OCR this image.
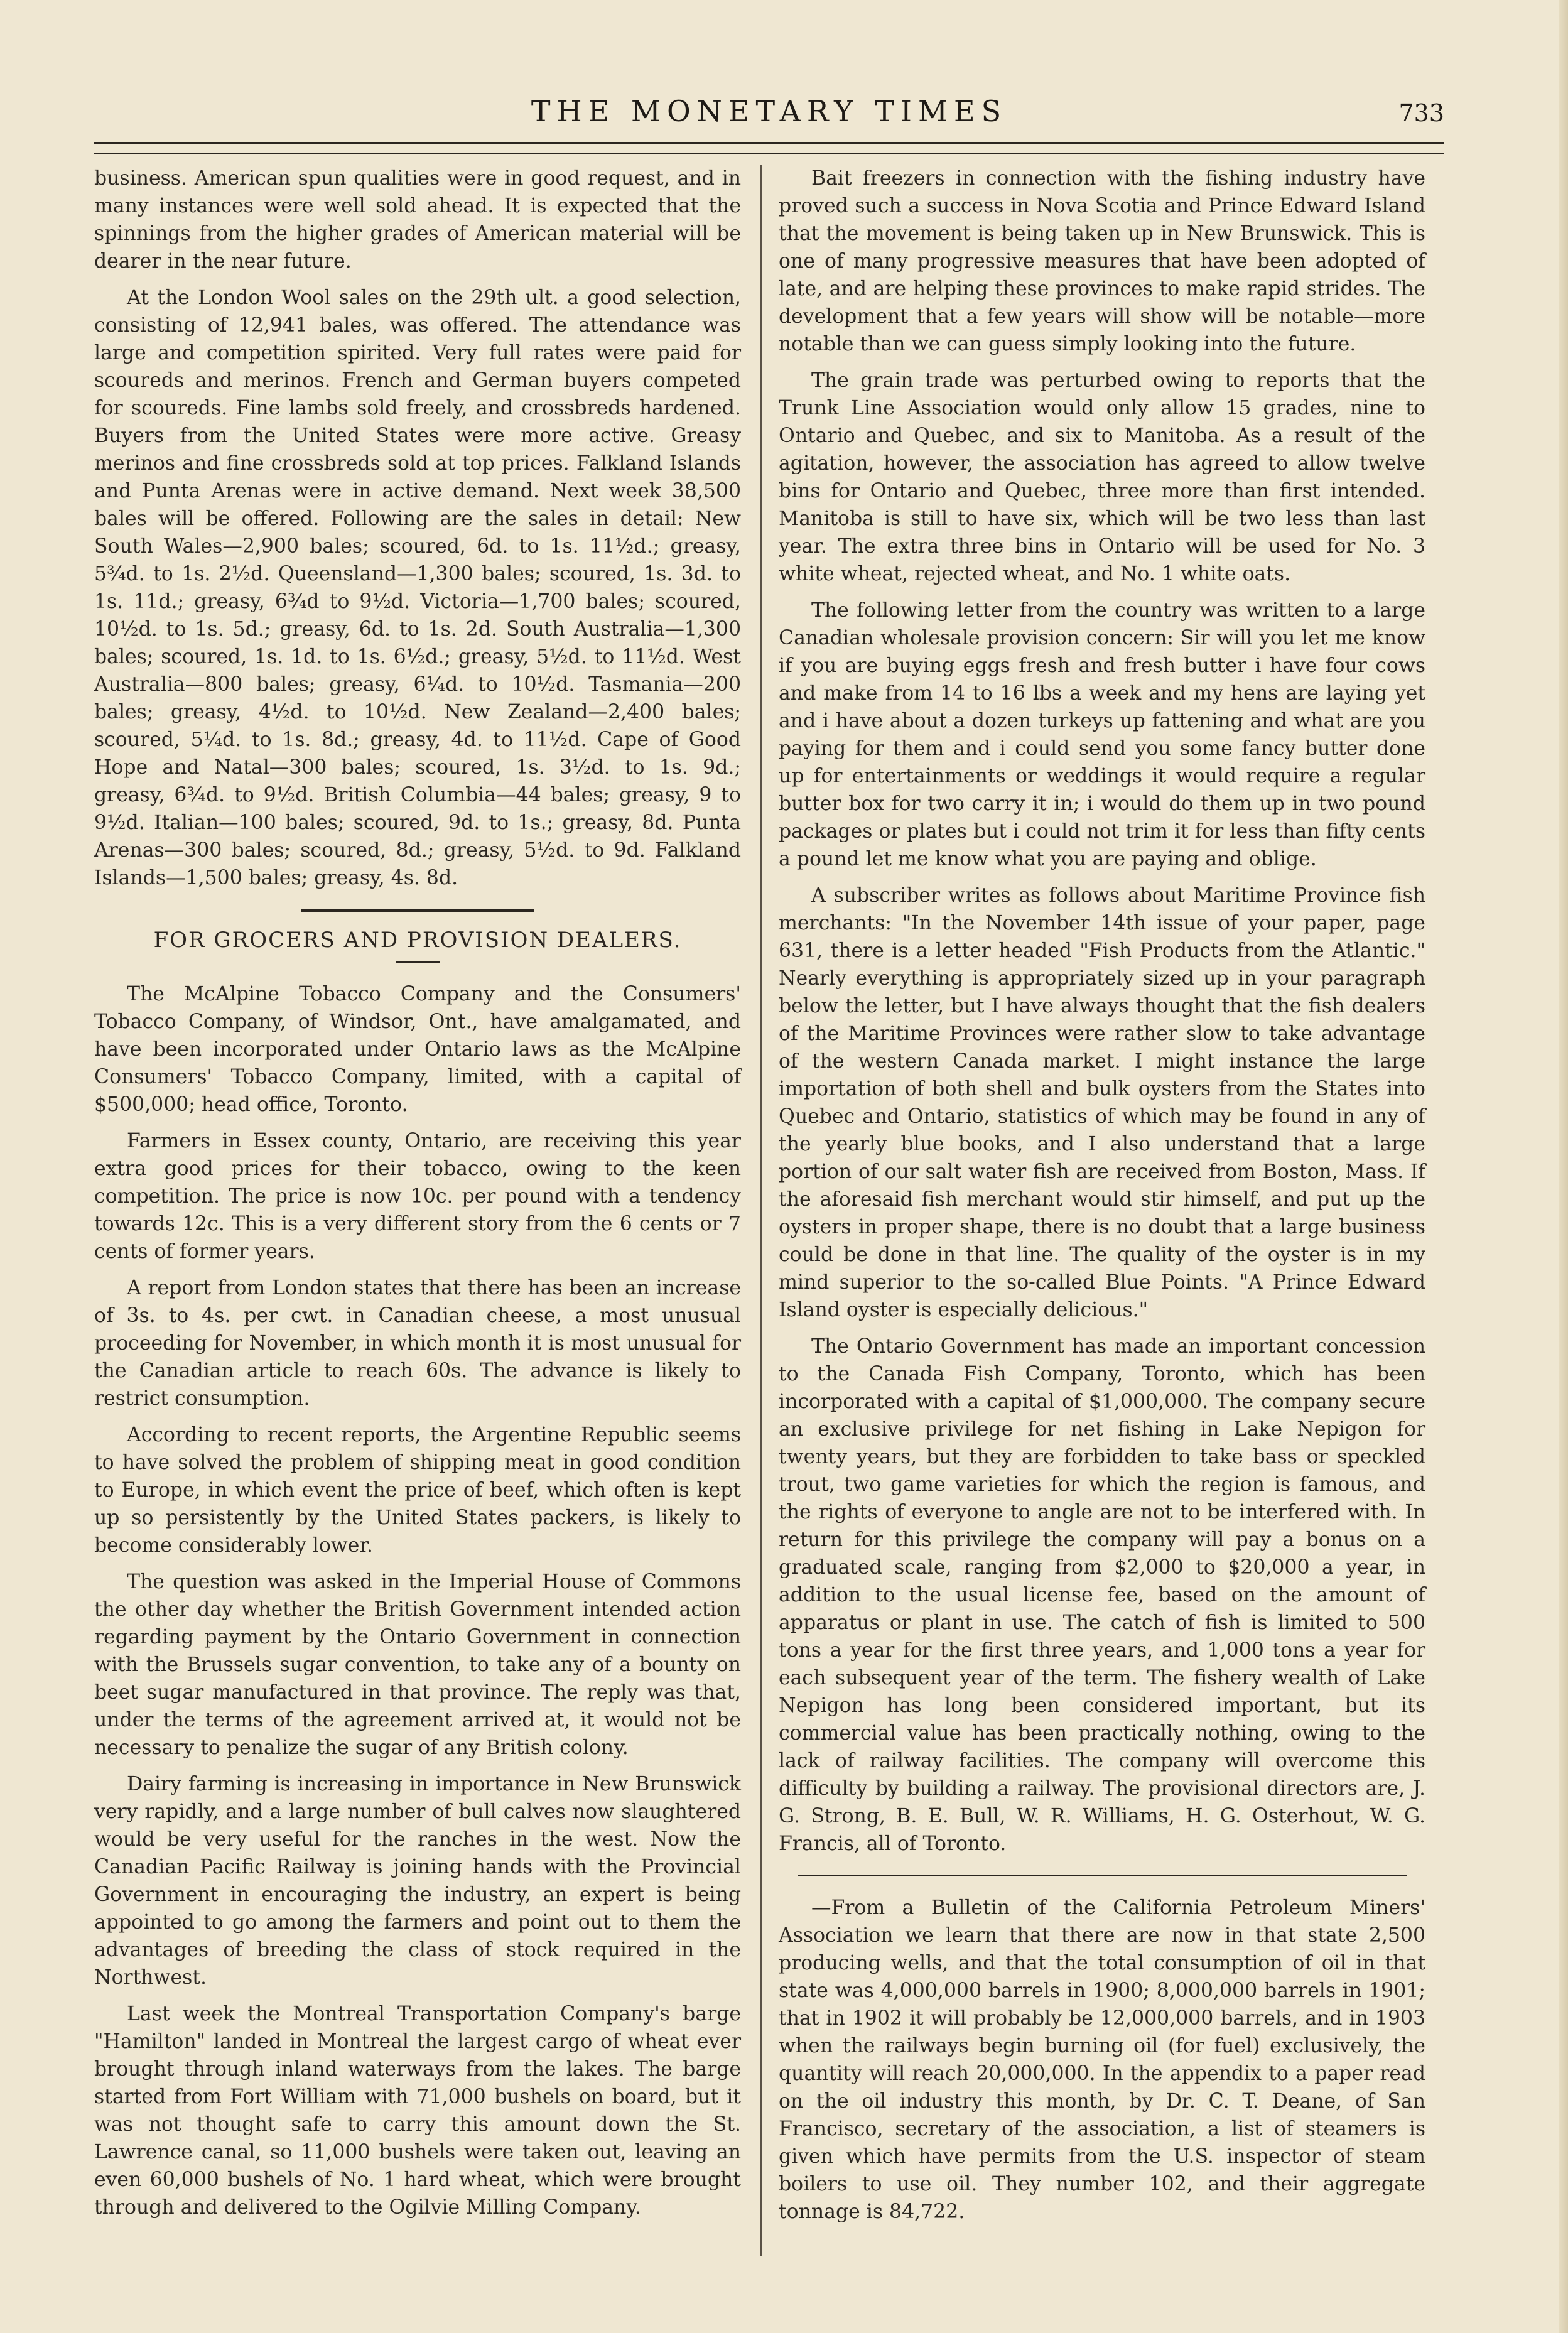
THE MONETARY TIMES	733

business. American spun qualities were in good request, and in many instances were well sold ahead. It is expected that the spinnings from the higher grades of American material will be dearer in the near future.

At the London Wool sales on the 29th ult. a good selection, consisting of 12,941 bales, was offered. The attendance was large and competition spirited. Very full rates were paid for scoureds and merinos. French and German buyers competed for scoureds. Fine lambs sold freely, and crossbreds hardened. Buyers from the United States were more active. Greasy merinos and fine crossbreds sold at top prices. Falkland Islands and Punta Arenas were in active demand. Next week 38,500 bales will be offered. Following are the sales in detail: New South Wales—2,900 bales; scoured, 6d. to 1s. 11½d.; greasy, 5¾d. to 1s. 2½d. Queensland—1,300 bales; scoured, 1s. 3d. to 1s. 11d.; greasy, 6¾d to 9½d. Victoria—1,700 bales; scoured, 10½d. to 1s. 5d.; greasy, 6d. to 1s. 2d. South Australia—1,300 bales; scoured, 1s. 1d. to 1s. 6½d.; greasy, 5½d. to 11½d. West Australia—800 bales; greasy, 6¼d. to 10½d. Tasmania—200 bales; greasy, 4½d. to 10½d. New Zealand—2,400 bales; scoured, 5¼d. to 1s. 8d.; greasy, 4d. to 11½d. Cape of Good Hope and Natal—300 bales; scoured, 1s. 3½d. to 1s. 9d.; greasy, 6¾d. to 9½d. British Columbia—44 bales; greasy, 9 to 9½d. Italian—100 bales; scoured, 9d. to 1s.; greasy, 8d. Punta Arenas—300 bales; scoured, 8d.; greasy, 5½d. to 9d. Falkland Islands—1,500 bales; greasy, 4s. 8d.

FOR GROCERS AND PROVISION DEALERS.

The McAlpine Tobacco Company and the Consumers' Tobacco Company, of Windsor, Ont., have amalgamated, and have been incorporated under Ontario laws as the McAlpine Consumers' Tobacco Company, limited, with a capital of $500,000; head office, Toronto.

Farmers in Essex county, Ontario, are receiving this year extra good prices for their tobacco, owing to the keen competition. The price is now 10c. per pound with a tendency towards 12c. This is a very different story from the 6 cents or 7 cents of former years.

A report from London states that there has been an increase of 3s. to 4s. per cwt. in Canadian cheese, a most unusual proceeding for November, in which month it is most unusual for the Canadian article to reach 60s. The advance is likely to restrict consumption.

According to recent reports, the Argentine Republic seems to have solved the problem of shipping meat in good condition to Europe, in which event the price of beef, which often is kept up so persistently by the United States packers, is likely to become considerably lower.

The question was asked in the Imperial House of Commons the other day whether the British Government intended action regarding payment by the Ontario Government in connection with the Brussels sugar convention, to take any of a bounty on beet sugar manufactured in that province. The reply was that, under the terms of the agreement arrived at, it would not be necessary to penalize the sugar of any British colony.

Dairy farming is increasing in importance in New Brunswick very rapidly, and a large number of bull calves now slaughtered would be very useful for the ranches in the west. Now the Canadian Pacific Railway is joining hands with the Provincial Government in encouraging the industry, an expert is being appointed to go among the farmers and point out to them the advantages of breeding the class of stock required in the Northwest.

Last week the Montreal Transportation Company's barge "Hamilton" landed in Montreal the largest cargo of wheat ever brought through inland waterways from the lakes. The barge started from Fort William with 71,000 bushels on board, but it was not thought safe to carry this amount down the St. Lawrence canal, so 11,000 bushels were taken out, leaving an even 60,000 bushels of No. 1 hard wheat, which were brought through and delivered to the Ogilvie Milling Company.

Bait freezers in connection with the fishing industry have proved such a success in Nova Scotia and Prince Edward Island that the movement is being taken up in New Brunswick. This is one of many progressive measures that have been adopted of late, and are helping these provinces to make rapid strides. The development that a few years will show will be notable—more notable than we can guess simply looking into the future.

The grain trade was perturbed owing to reports that the Trunk Line Association would only allow 15 grades, nine to Ontario and Quebec, and six to Manitoba. As a result of the agitation, however, the association has agreed to allow twelve bins for Ontario and Quebec, three more than first intended. Manitoba is still to have six, which will be two less than last year. The extra three bins in Ontario will be used for No. 3 white wheat, rejected wheat, and No. 1 white oats.

The following letter from the country was written to a large Canadian wholesale provision concern: Sir will you let me know if you are buying eggs fresh and fresh butter i have four cows and make from 14 to 16 lbs a week and my hens are laying yet and i have about a dozen turkeys up fattening and what are you paying for them and i could send you some fancy butter done up for entertainments or weddings it would require a regular butter box for two carry it in; i would do them up in two pound packages or plates but i could not trim it for less than fifty cents a pound let me know what you are paying and oblige.

A subscriber writes as follows about Maritime Province fish merchants: "In the November 14th issue of your paper, page 631, there is a letter headed "Fish Products from the Atlantic." Nearly everything is appropriately sized up in your paragraph below the letter, but I have always thought that the fish dealers of the Maritime Provinces were rather slow to take advantage of the western Canada market. I might instance the large importation of both shell and bulk oysters from the States into Quebec and Ontario, statistics of which may be found in any of the yearly blue books, and I also understand that a large portion of our salt water fish are received from Boston, Mass. If the aforesaid fish merchant would stir himself, and put up the oysters in proper shape, there is no doubt that a large business could be done in that line. The quality of the oyster is in my mind superior to the so-called Blue Points. "A Prince Edward Island oyster is especially delicious."

The Ontario Government has made an important concession to the Canada Fish Company, Toronto, which has been incorporated with a capital of $1,000,000. The company secure an exclusive privilege for net fishing in Lake Nepigon for twenty years, but they are forbidden to take bass or speckled trout, two game varieties for which the region is famous, and the rights of everyone to angle are not to be interfered with. In return for this privilege the company will pay a bonus on a graduated scale, ranging from $2,000 to $20,000 a year, in addition to the usual license fee, based on the amount of apparatus or plant in use. The catch of fish is limited to 500 tons a year for the first three years, and 1,000 tons a year for each subsequent year of the term. The fishery wealth of Lake Nepigon has long been considered important, but its commercial value has been practically nothing, owing to the lack of railway facilities. The company will overcome this difficulty by building a railway. The provisional directors are, J. G. Strong, B. E. Bull, W. R. Williams, H. G. Osterhout, W. G. Francis, all of Toronto.

—From a Bulletin of the California Petroleum Miners' Association we learn that there are now in that state 2,500 producing wells, and that the total consumption of oil in that state was 4,000,000 barrels in 1900; 8,000,000 barrels in 1901; that in 1902 it will probably be 12,000,000 barrels, and in 1903 when the railways begin burning oil (for fuel) exclusively, the quantity will reach 20,000,000. In the appendix to a paper read on the oil industry this month, by Dr. C. T. Deane, of San Francisco, secretary of the association, a list of steamers is given which have permits from the U.S. inspector of steam boilers to use oil. They number 102, and their aggregate tonnage is 84,722.
